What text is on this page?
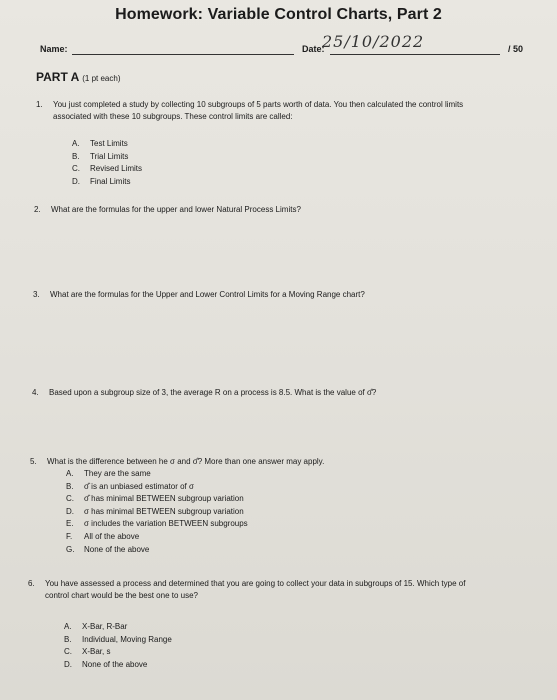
Homework: Variable Control Charts, Part 2
Name:	Date:
25/10/2022	/ 50
PART A (1 pt each)
1. You just completed a study by collecting 10 subgroups of 5 parts worth of data. You then calculated the control limits
associated with these 10 subgroups. These control limits are called:
A.	Test Limits
B.	Trial Limits
C.	Revised Limits
D.	Final Limits
2. What are the formulas for the upper and lower Natural Process Limits?
3. What are the formulas for the Upper and Lower Control Limits for a Moving Range chart?
4. Based upon a subgroup size of 3, the average R on a process is 8.5. What is the value of σ̂?
5. What is the difference between he σ and σ̂? More than one answer may apply.
A.	They are the same
B.	σ̂ is an unbiased estimator of σ
C.	σ̂ has minimal BETWEEN subgroup variation
D.	σ has minimal BETWEEN subgroup variation
E.	σ includes the variation BETWEEN subgroups
F.	All of the above
G.	None of the above
6. You have assessed a process and determined that you are going to collect your data in subgroups of 15. Which type of
control chart would be the best one to use?
A.	X-Bar, R-Bar
B.	Individual, Moving Range
C.	X-Bar, s
D.	None of the above
